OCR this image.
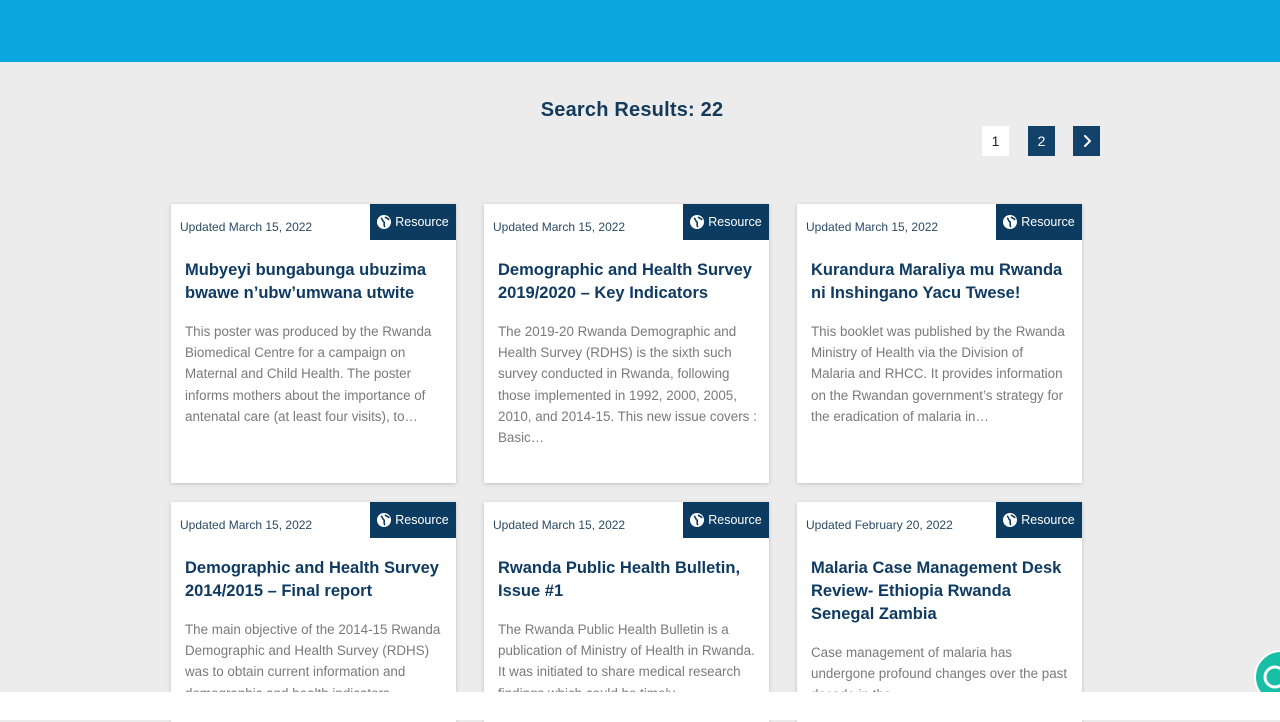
Search Results: 22
1	2
Updated March 15, 2022	Resource
Mubyeyi bungabunga ubuzima bwawe n’ubw’umwana utwite
This poster was produced by the Rwanda Biomedical Centre for a campaign on Maternal and Child Health. The poster informs mothers about the importance of antenatal care (at least four visits), to…
Updated March 15, 2022	Resource
Demographic and Health Survey 2019/2020 – Key Indicators
The 2019-20 Rwanda Demographic and Health Survey (RDHS) is the sixth such survey conducted in Rwanda, following those implemented in 1992, 2000, 2005, 2010, and 2014-15. This new issue covers : Basic…
Updated March 15, 2022	Resource
Kurandura Maraliya mu Rwanda ni Inshingano Yacu Twese!
This booklet was published by the Rwanda Ministry of Health via the Division of Malaria and RHCC. It provides information on the Rwandan government’s strategy for the eradication of malaria in…
Updated March 15, 2022	Resource
Demographic and Health Survey 2014/2015 – Final report
The main objective of the 2014-15 Rwanda Demographic and Health Survey (RDHS) was to obtain current information and
Updated March 15, 2022	Resource
Rwanda Public Health Bulletin, Issue #1
The Rwanda Public Health Bulletin is a publication of Ministry of Health in Rwanda. It was initiated to share medical research
Updated February 20, 2022	Resource
Malaria Case Management Desk Review- Ethiopia Rwanda Senegal Zambia
Case management of malaria has undergone profound changes over the past
